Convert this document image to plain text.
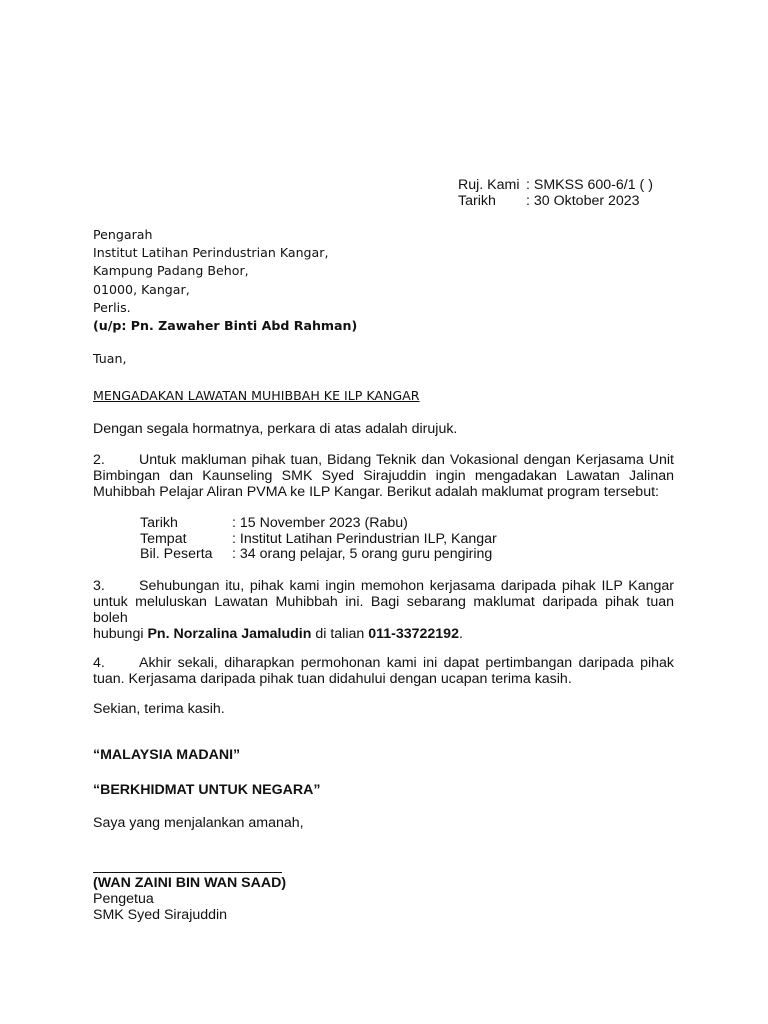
Ruj. Kami : SMKSS 600-6/1 ( )
Tarikh : 30 Oktober 2023
Pengarah
Institut Latihan Perindustrian Kangar,
Kampung Padang Behor,
01000, Kangar,
Perlis.
(u/p: Pn. Zawaher Binti Abd Rahman)
Tuan,
MENGADAKAN LAWATAN MUHIBBAH KE ILP KANGAR
Dengan segala hormatnya, perkara di atas adalah dirujuk.

2. Untuk makluman pihak tuan, Bidang Teknik dan Vokasional dengan Kerjasama Unit Bimbingan dan Kaunseling SMK Syed Sirajuddin ingin mengadakan Lawatan Jalinan Muhibbah Pelajar Aliran PVMA ke ILP Kangar. Berikut adalah maklumat program tersebut:

Tarikh	: 15 November 2023 (Rabu)
Tempat	: Institut Latihan Perindustrian ILP, Kangar
Bil. Peserta : 34 orang pelajar, 5 orang guru pengiring

3. Sehubungan itu, pihak kami ingin memohon kerjasama daripada pihak ILP Kangar untuk meluluskan Lawatan Muhibbah ini. Bagi sebarang maklumat daripada pihak tuan boleh

hubungi Pn. Norzalina Jamaludin di talian 011-33722192.

4. Akhir sekali, diharapkan permohonan kami ini dapat pertimbangan daripada pihak tuan. Kerjasama daripada pihak tuan didahului dengan ucapan terima kasih.

Sekian, terima kasih.
“MALAYSIA MADANI”
“BERKHIDMAT UNTUK NEGARA”
Saya yang menjalankan amanah,
(WAN ZAINI BIN WAN SAAD)
Pengetua
SMK Syed Sirajuddin
